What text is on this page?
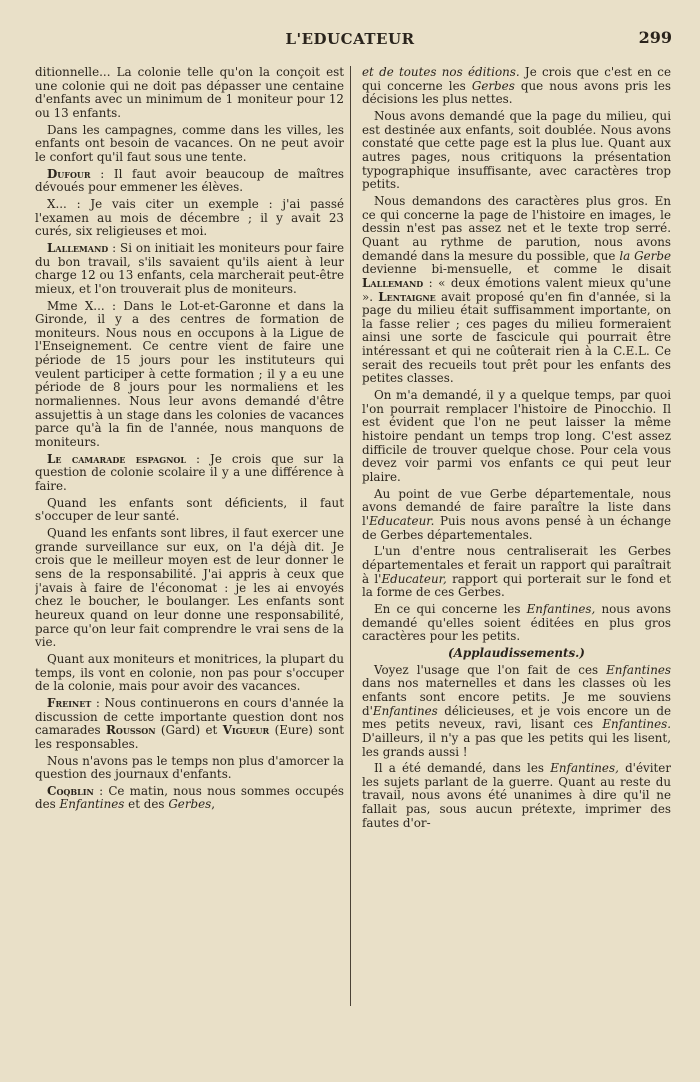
L'EDUCATEUR	299

ditionnelle... La colonie telle qu'on la conçoit est une colonie qui ne doit pas dépasser une centaine d'enfants avec un minimum de 1 moniteur pour 12 ou 13 enfants.

Dans les campagnes, comme dans les villes, les enfants ont besoin de vacances. On ne peut avoir le confort qu'il faut sous une tente.

Dufour : Il faut avoir beaucoup de maîtres dévoués pour emmener les élèves.

X... : Je vais citer un exemple : j'ai passé l'examen au mois de décembre ; il y avait 23 curés, six religieuses et moi.

Lallemand : Si on initiait les moniteurs pour faire du bon travail, s'ils savaient qu'ils aient à leur charge 12 ou 13 enfants, cela marcherait peut-être mieux, et l'on trouverait plus de moniteurs.

Mme X... : Dans le Lot-et-Garonne et dans la Gironde, il y a des centres de formation de moniteurs. Nous nous en occupons à la Ligue de l'Enseignement. Ce centre vient de faire une période de 15 jours pour les instituteurs qui veulent participer à cette formation ; il y a eu une période de 8 jours pour les normaliens et les normaliennes. Nous leur avons demandé d'être assujettis à un stage dans les colonies de vacances parce qu'à la fin de l'année, nous manquons de moniteurs.

Le camarade espagnol : Je crois que sur la question de colonie scolaire il y a une différence à faire.

Quand les enfants sont déficients, il faut s'occuper de leur santé.

Quand les enfants sont libres, il faut exercer une grande surveillance sur eux, on l'a déjà dit. Je crois que le meilleur moyen est de leur donner le sens de la responsabilité. J'ai appris à ceux que j'avais à faire de l'économat : je les ai envoyés chez le boucher, le boulanger. Les enfants sont heureux quand on leur donne une responsabilité, parce qu'on leur fait comprendre le vrai sens de la vie.

Quant aux moniteurs et monitrices, la plupart du temps, ils vont en colonie, non pas pour s'occuper de la colonie, mais pour avoir des vacances.

Freinet : Nous continuerons en cours d'année la discussion de cette importante question dont nos camarades Rousson (Gard) et Vigueur (Eure) sont les responsables.

Nous n'avons pas le temps non plus d'amorcer la question des journaux d'enfants.

Coqblin : Ce matin, nous nous sommes occupés des Enfantines et des Gerbes,

et de toutes nos éditions. Je crois que c'est en ce qui concerne les Gerbes que nous avons pris les décisions les plus nettes.

Nous avons demandé que la page du milieu, qui est destinée aux enfants, soit doublée. Nous avons constaté que cette page est la plus lue. Quant aux autres pages, nous critiquons la présentation typographique insuffisante, avec caractères trop petits.

Nous demandons des caractères plus gros. En ce qui concerne la page de l'histoire en images, le dessin n'est pas assez net et le texte trop serré. Quant au rythme de parution, nous avons demandé dans la mesure du possible, que la Gerbe devienne bi-mensuelle, et comme le disait Lallemand : « deux émotions valent mieux qu'une ». Lentaigne avait proposé qu'en fin d'année, si la page du milieu était suffisamment importante, on la fasse relier ; ces pages du milieu formeraient ainsi une sorte de fascicule qui pourrait être intéressant et qui ne coûterait rien à la C.E.L. Ce serait des recueils tout prêt pour les enfants des petites classes.

On m'a demandé, il y a quelque temps, par quoi l'on pourrait remplacer l'histoire de Pinocchio. Il est évident que l'on ne peut laisser la même histoire pendant un temps trop long. C'est assez difficile de trouver quelque chose. Pour cela vous devez voir parmi vos enfants ce qui peut leur plaire.

Au point de vue Gerbe départementale, nous avons demandé de faire paraître la liste dans l'Educateur. Puis nous avons pensé à un échange de Gerbes départementales.

L'un d'entre nous centraliserait les Gerbes départementales et ferait un rapport qui paraîtrait à l'Educateur, rapport qui porterait sur le fond et la forme de ces Gerbes.

En ce qui concerne les Enfantines, nous avons demandé qu'elles soient éditées en plus gros caractères pour les petits.

(Applaudissements.)

Voyez l'usage que l'on fait de ces Enfantines dans nos maternelles et dans les classes où les enfants sont encore petits. Je me souviens d'Enfantines délicieuses, et je vois encore un de mes petits neveux, ravi, lisant ces Enfantines. D'ailleurs, il n'y a pas que les petits qui les lisent, les grands aussi !

Il a été demandé, dans les Enfantines, d'éviter les sujets parlant de la guerre. Quant au reste du travail, nous avons été unanimes à dire qu'il ne fallait pas, sous aucun prétexte, imprimer des fautes d'or-
